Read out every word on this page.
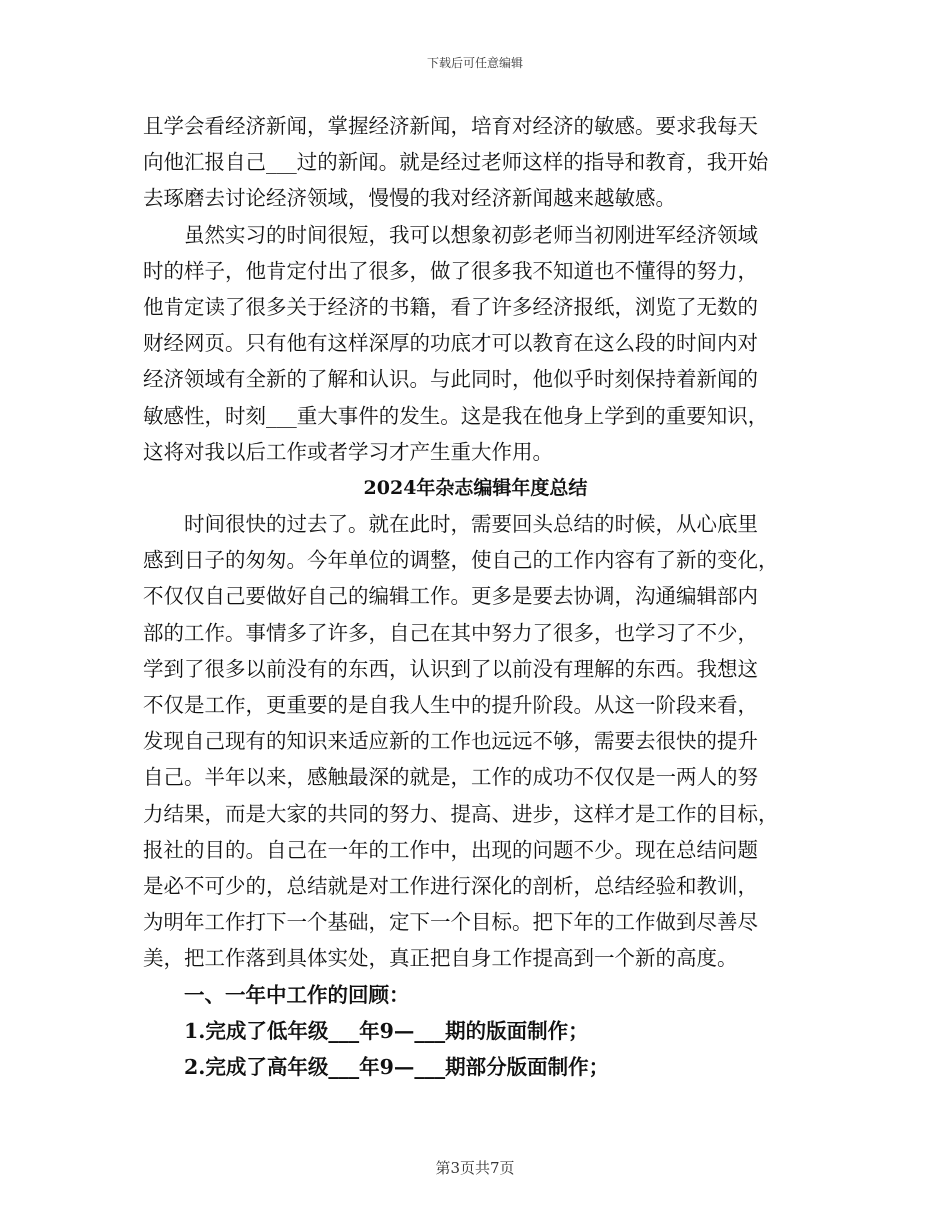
下载后可任意编辑
且学会看经济新闻，掌握经济新闻，培育对经济的敏感。要求我每天
向他汇报自己___过的新闻。就是经过老师这样的指导和教育，我开始
去琢磨去讨论经济领域，慢慢的我对经济新闻越来越敏感。
虽然实习的时间很短，我可以想象初彭老师当初刚进军经济领域
时的样子，他肯定付出了很多，做了很多我不知道也不懂得的努力，
他肯定读了很多关于经济的书籍，看了许多经济报纸，浏览了无数的
财经网页。只有他有这样深厚的功底才可以教育在这么段的时间内对
经济领域有全新的了解和认识。与此同时，他似乎时刻保持着新闻的
敏感性，时刻___重大事件的发生。这是我在他身上学到的重要知识，
这将对我以后工作或者学习才产生重大作用。
2024年杂志编辑年度总结
时间很快的过去了。就在此时，需要回头总结的时候，从心底里
感到日子的匆匆。今年单位的调整，使自己的工作内容有了新的变化，
不仅仅自己要做好自己的编辑工作。更多是要去协调，沟通编辑部内
部的工作。事情多了许多，自己在其中努力了很多，也学习了不少，
学到了很多以前没有的东西，认识到了以前没有理解的东西。我想这
不仅是工作，更重要的是自我人生中的提升阶段。从这一阶段来看，
发现自己现有的知识来适应新的工作也远远不够，需要去很快的提升
自己。半年以来，感触最深的就是，工作的成功不仅仅是一两人的努
力结果，而是大家的共同的努力、提高、进步，这样才是工作的目标，
报社的目的。自己在一年的工作中，出现的问题不少。现在总结问题
是必不可少的，总结就是对工作进行深化的剖析，总结经验和教训，
为明年工作打下一个基础，定下一个目标。把下年的工作做到尽善尽
美，把工作落到具体实处，真正把自身工作提高到一个新的高度。
一、一年中工作的回顾：
1.完成了低年级___年9—___期的版面制作；
2.完成了高年级___年9—___期部分版面制作；
第3页共7页
